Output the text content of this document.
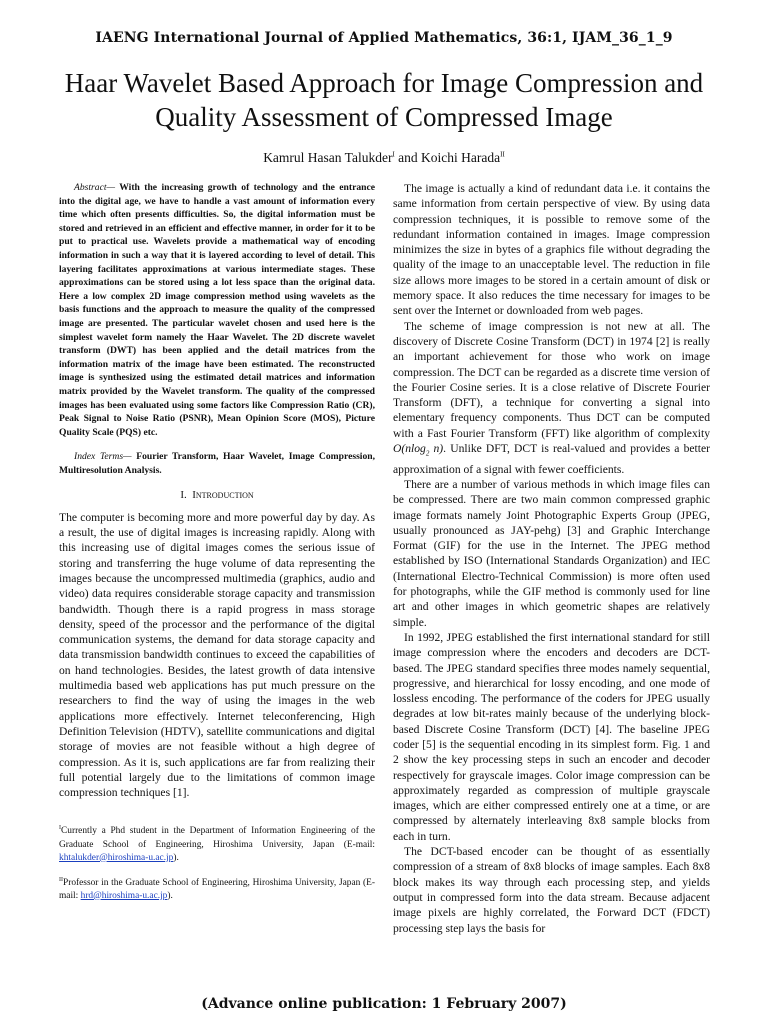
IAENG International Journal of Applied Mathematics, 36:1, IJAM_36_1_9
Haar Wavelet Based Approach for Image Compression and Quality Assessment of Compressed Image
Kamrul Hasan Talukder$^I$ and Koichi Harada$^{II}$

Abstract— With the increasing growth of technology and the entrance into the digital age, we have to handle a vast amount of information every time which often presents difficulties. So, the digital information must be stored and retrieved in an efficient and effective manner, in order for it to be put to practical use. Wavelets provide a mathematical way of encoding information in such a way that it is layered according to level of detail. This layering facilitates approximations at various intermediate stages. These approximations can be stored using a lot less space than the original data. Here a low complex 2D image compression method using wavelets as the basis functions and the approach to measure the quality of the compressed image are presented. The particular wavelet chosen and used here is the simplest wavelet form namely the Haar Wavelet. The 2D discrete wavelet transform (DWT) has been applied and the detail matrices from the information matrix of the image have been estimated. The reconstructed image is synthesized using the estimated detail matrices and information matrix provided by the Wavelet transform. The quality of the compressed images has been evaluated using some factors like Compression Ratio (CR), Peak Signal to Noise Ratio (PSNR), Mean Opinion Score (MOS), Picture Quality Scale (PQS) etc.

Index Terms— Fourier Transform, Haar Wavelet, Image Compression, Multiresolution Analysis.

I. Introduction

The computer is becoming more and more powerful day by day. As a result, the use of digital images is increasing rapidly. Along with this increasing use of digital images comes the serious issue of storing and transferring the huge volume of data representing the images because the uncompressed multimedia (graphics, audio and video) data requires considerable storage capacity and transmission bandwidth. Though there is a rapid progress in mass storage density, speed of the processor and the performance of the digital communication systems, the demand for data storage capacity and data transmission bandwidth continues to exceed the capabilities of on hand technologies. Besides, the latest growth of data intensive multimedia based web applications has put much pressure on the researchers to find the way of using the images in the web applications more effectively. Internet teleconferencing, High Definition Television (HDTV), satellite communications and digital storage of movies are not feasible without a high degree of compression. As it is, such applications are far from realizing their full potential largely due to the limitations of common image compression techniques [1].

$^I$Currently a Phd student in the Department of Information Engineering of the Graduate School of Engineering, Hiroshima University, Japan (E-mail: khtalukder@hiroshima-u.ac.jp).

$^{II}$Professor in the Graduate School of Engineering, Hiroshima University, Japan (E-mail: hrd@hiroshima-u.ac.jp).

The image is actually a kind of redundant data i.e. it contains the same information from certain perspective of view. By using data compression techniques, it is possible to remove some of the redundant information contained in images. Image compression minimizes the size in bytes of a graphics file without degrading the quality of the image to an unacceptable level. The reduction in file size allows more images to be stored in a certain amount of disk or memory space. It also reduces the time necessary for images to be sent over the Internet or downloaded from web pages.

The scheme of image compression is not new at all. The discovery of Discrete Cosine Transform (DCT) in 1974 [2] is really an important achievement for those who work on image compression. The DCT can be regarded as a discrete time version of the Fourier Cosine series. It is a close relative of Discrete Fourier Transform (DFT), a technique for converting a signal into elementary frequency components. Thus DCT can be computed with a Fast Fourier Transform (FFT) like algorithm of complexity O(nlog$_2$ n). Unlike DFT, DCT is real-valued and provides a better approximation of a signal with fewer coefficients.

There are a number of various methods in which image files can be compressed. There are two main common compressed graphic image formats namely Joint Photographic Experts Group (JPEG, usually pronounced as JAY-pehg) [3] and Graphic Interchange Format (GIF) for the use in the Internet. The JPEG method established by ISO (International Standards Organization) and IEC (International Electro-Technical Commission) is more often used for photographs, while the GIF method is commonly used for line art and other images in which geometric shapes are relatively simple.

In 1992, JPEG established the first international standard for still image compression where the encoders and decoders are DCT-based. The JPEG standard specifies three modes namely sequential, progressive, and hierarchical for lossy encoding, and one mode of lossless encoding. The performance of the coders for JPEG usually degrades at low bit-rates mainly because of the underlying block-based Discrete Cosine Transform (DCT) [4]. The baseline JPEG coder [5] is the sequential encoding in its simplest form. Fig. 1 and 2 show the key processing steps in such an encoder and decoder respectively for grayscale images. Color image compression can be approximately regarded as compression of multiple grayscale images, which are either compressed entirely one at a time, or are compressed by alternately interleaving 8x8 sample blocks from each in turn.

The DCT-based encoder can be thought of as essentially compression of a stream of 8x8 blocks of image samples. Each 8x8 block makes its way through each processing step, and yields output in compressed form into the data stream. Because adjacent image pixels are highly correlated, the Forward DCT (FDCT) processing step lays the basis for

(Advance online publication: 1 February 2007)
